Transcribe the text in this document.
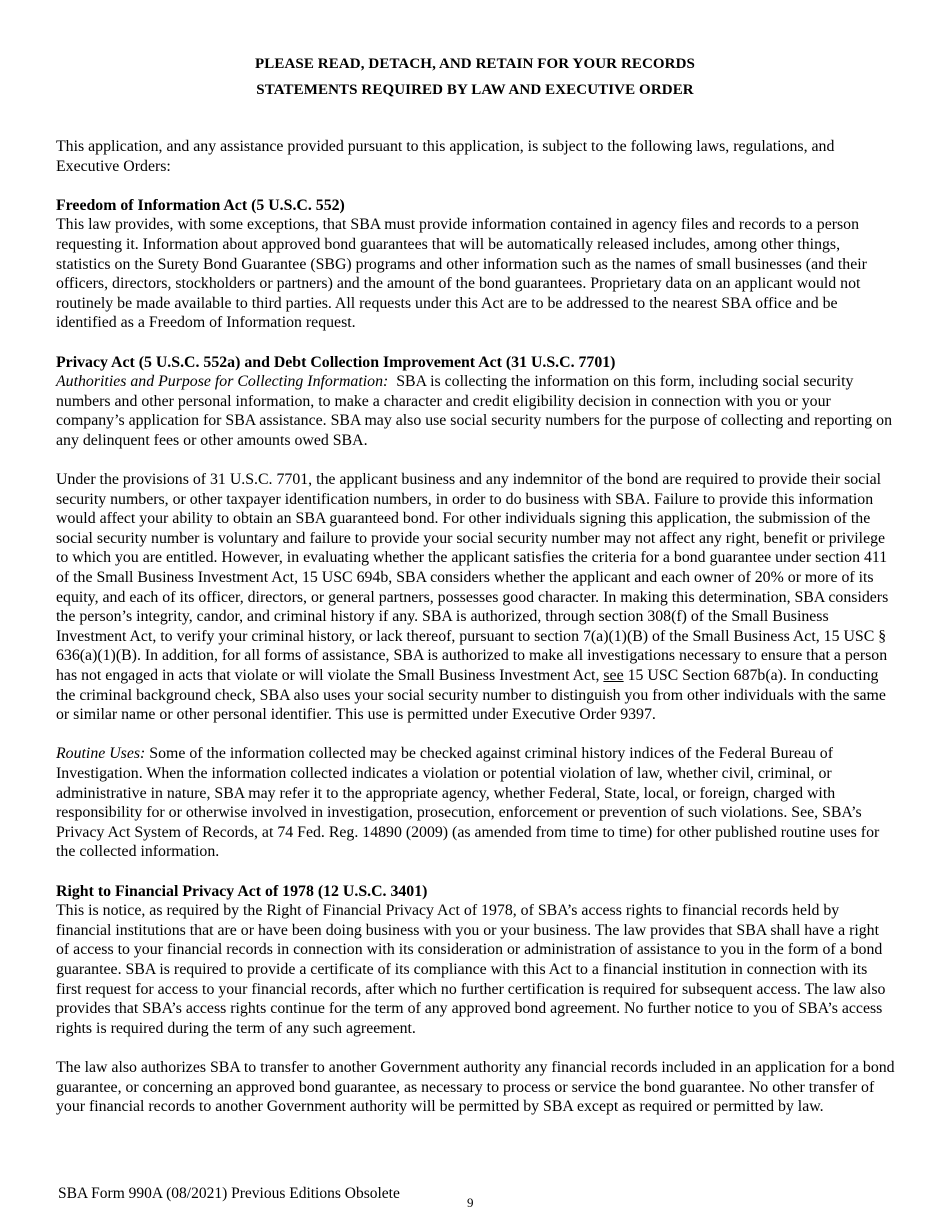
PLEASE READ, DETACH, AND RETAIN FOR YOUR RECORDS
STATEMENTS REQUIRED BY LAW AND EXECUTIVE ORDER

This application, and any assistance provided pursuant to this application, is subject to the following laws, regulations, and Executive Orders:

Freedom of Information Act (5 U.S.C. 552)
This law provides, with some exceptions, that SBA must provide information contained in agency files and records to a person requesting it. Information about approved bond guarantees that will be automatically released includes, among other things, statistics on the Surety Bond Guarantee (SBG) programs and other information such as the names of small businesses (and their officers, directors, stockholders or partners) and the amount of the bond guarantees. Proprietary data on an applicant would not routinely be made available to third parties. All requests under this Act are to be addressed to the nearest SBA office and be identified as a Freedom of Information request.

Privacy Act (5 U.S.C. 552a) and Debt Collection Improvement Act (31 U.S.C. 7701)
Authorities and Purpose for Collecting Information: SBA is collecting the information on this form, including social security numbers and other personal information, to make a character and credit eligibility decision in connection with you or your company’s application for SBA assistance. SBA may also use social security numbers for the purpose of collecting and reporting on any delinquent fees or other amounts owed SBA.

Under the provisions of 31 U.S.C. 7701, the applicant business and any indemnitor of the bond are required to provide their social security numbers, or other taxpayer identification numbers, in order to do business with SBA. Failure to provide this information would affect your ability to obtain an SBA guaranteed bond. For other individuals signing this application, the submission of the social security number is voluntary and failure to provide your social security number may not affect any right, benefit or privilege to which you are entitled. However, in evaluating whether the applicant satisfies the criteria for a bond guarantee under section 411 of the Small Business Investment Act, 15 USC 694b, SBA considers whether the applicant and each owner of 20% or more of its equity, and each of its officer, directors, or general partners, possesses good character. In making this determination, SBA considers the person’s integrity, candor, and criminal history if any. SBA is authorized, through section 308(f) of the Small Business Investment Act, to verify your criminal history, or lack thereof, pursuant to section 7(a)(1)(B) of the Small Business Act, 15 USC § 636(a)(1)(B). In addition, for all forms of assistance, SBA is authorized to make all investigations necessary to ensure that a person has not engaged in acts that violate or will violate the Small Business Investment Act, see 15 USC Section 687b(a). In conducting the criminal background check, SBA also uses your social security number to distinguish you from other individuals with the same or similar name or other personal identifier. This use is permitted under Executive Order 9397.

Routine Uses: Some of the information collected may be checked against criminal history indices of the Federal Bureau of Investigation. When the information collected indicates a violation or potential violation of law, whether civil, criminal, or administrative in nature, SBA may refer it to the appropriate agency, whether Federal, State, local, or foreign, charged with responsibility for or otherwise involved in investigation, prosecution, enforcement or prevention of such violations. See, SBA’s Privacy Act System of Records, at 74 Fed. Reg. 14890 (2009) (as amended from time to time) for other published routine uses for the collected information.

Right to Financial Privacy Act of 1978 (12 U.S.C. 3401)
This is notice, as required by the Right of Financial Privacy Act of 1978, of SBA’s access rights to financial records held by financial institutions that are or have been doing business with you or your business. The law provides that SBA shall have a right of access to your financial records in connection with its consideration or administration of assistance to you in the form of a bond guarantee. SBA is required to provide a certificate of its compliance with this Act to a financial institution in connection with its first request for access to your financial records, after which no further certification is required for subsequent access. The law also provides that SBA’s access rights continue for the term of any approved bond agreement. No further notice to you of SBA’s access rights is required during the term of any such agreement.

The law also authorizes SBA to transfer to another Government authority any financial records included in an application for a bond guarantee, or concerning an approved bond guarantee, as necessary to process or service the bond guarantee. No other transfer of your financial records to another Government authority will be permitted by SBA except as required or permitted by law.

SBA Form 990A (08/2021) Previous Editions Obsolete
9
